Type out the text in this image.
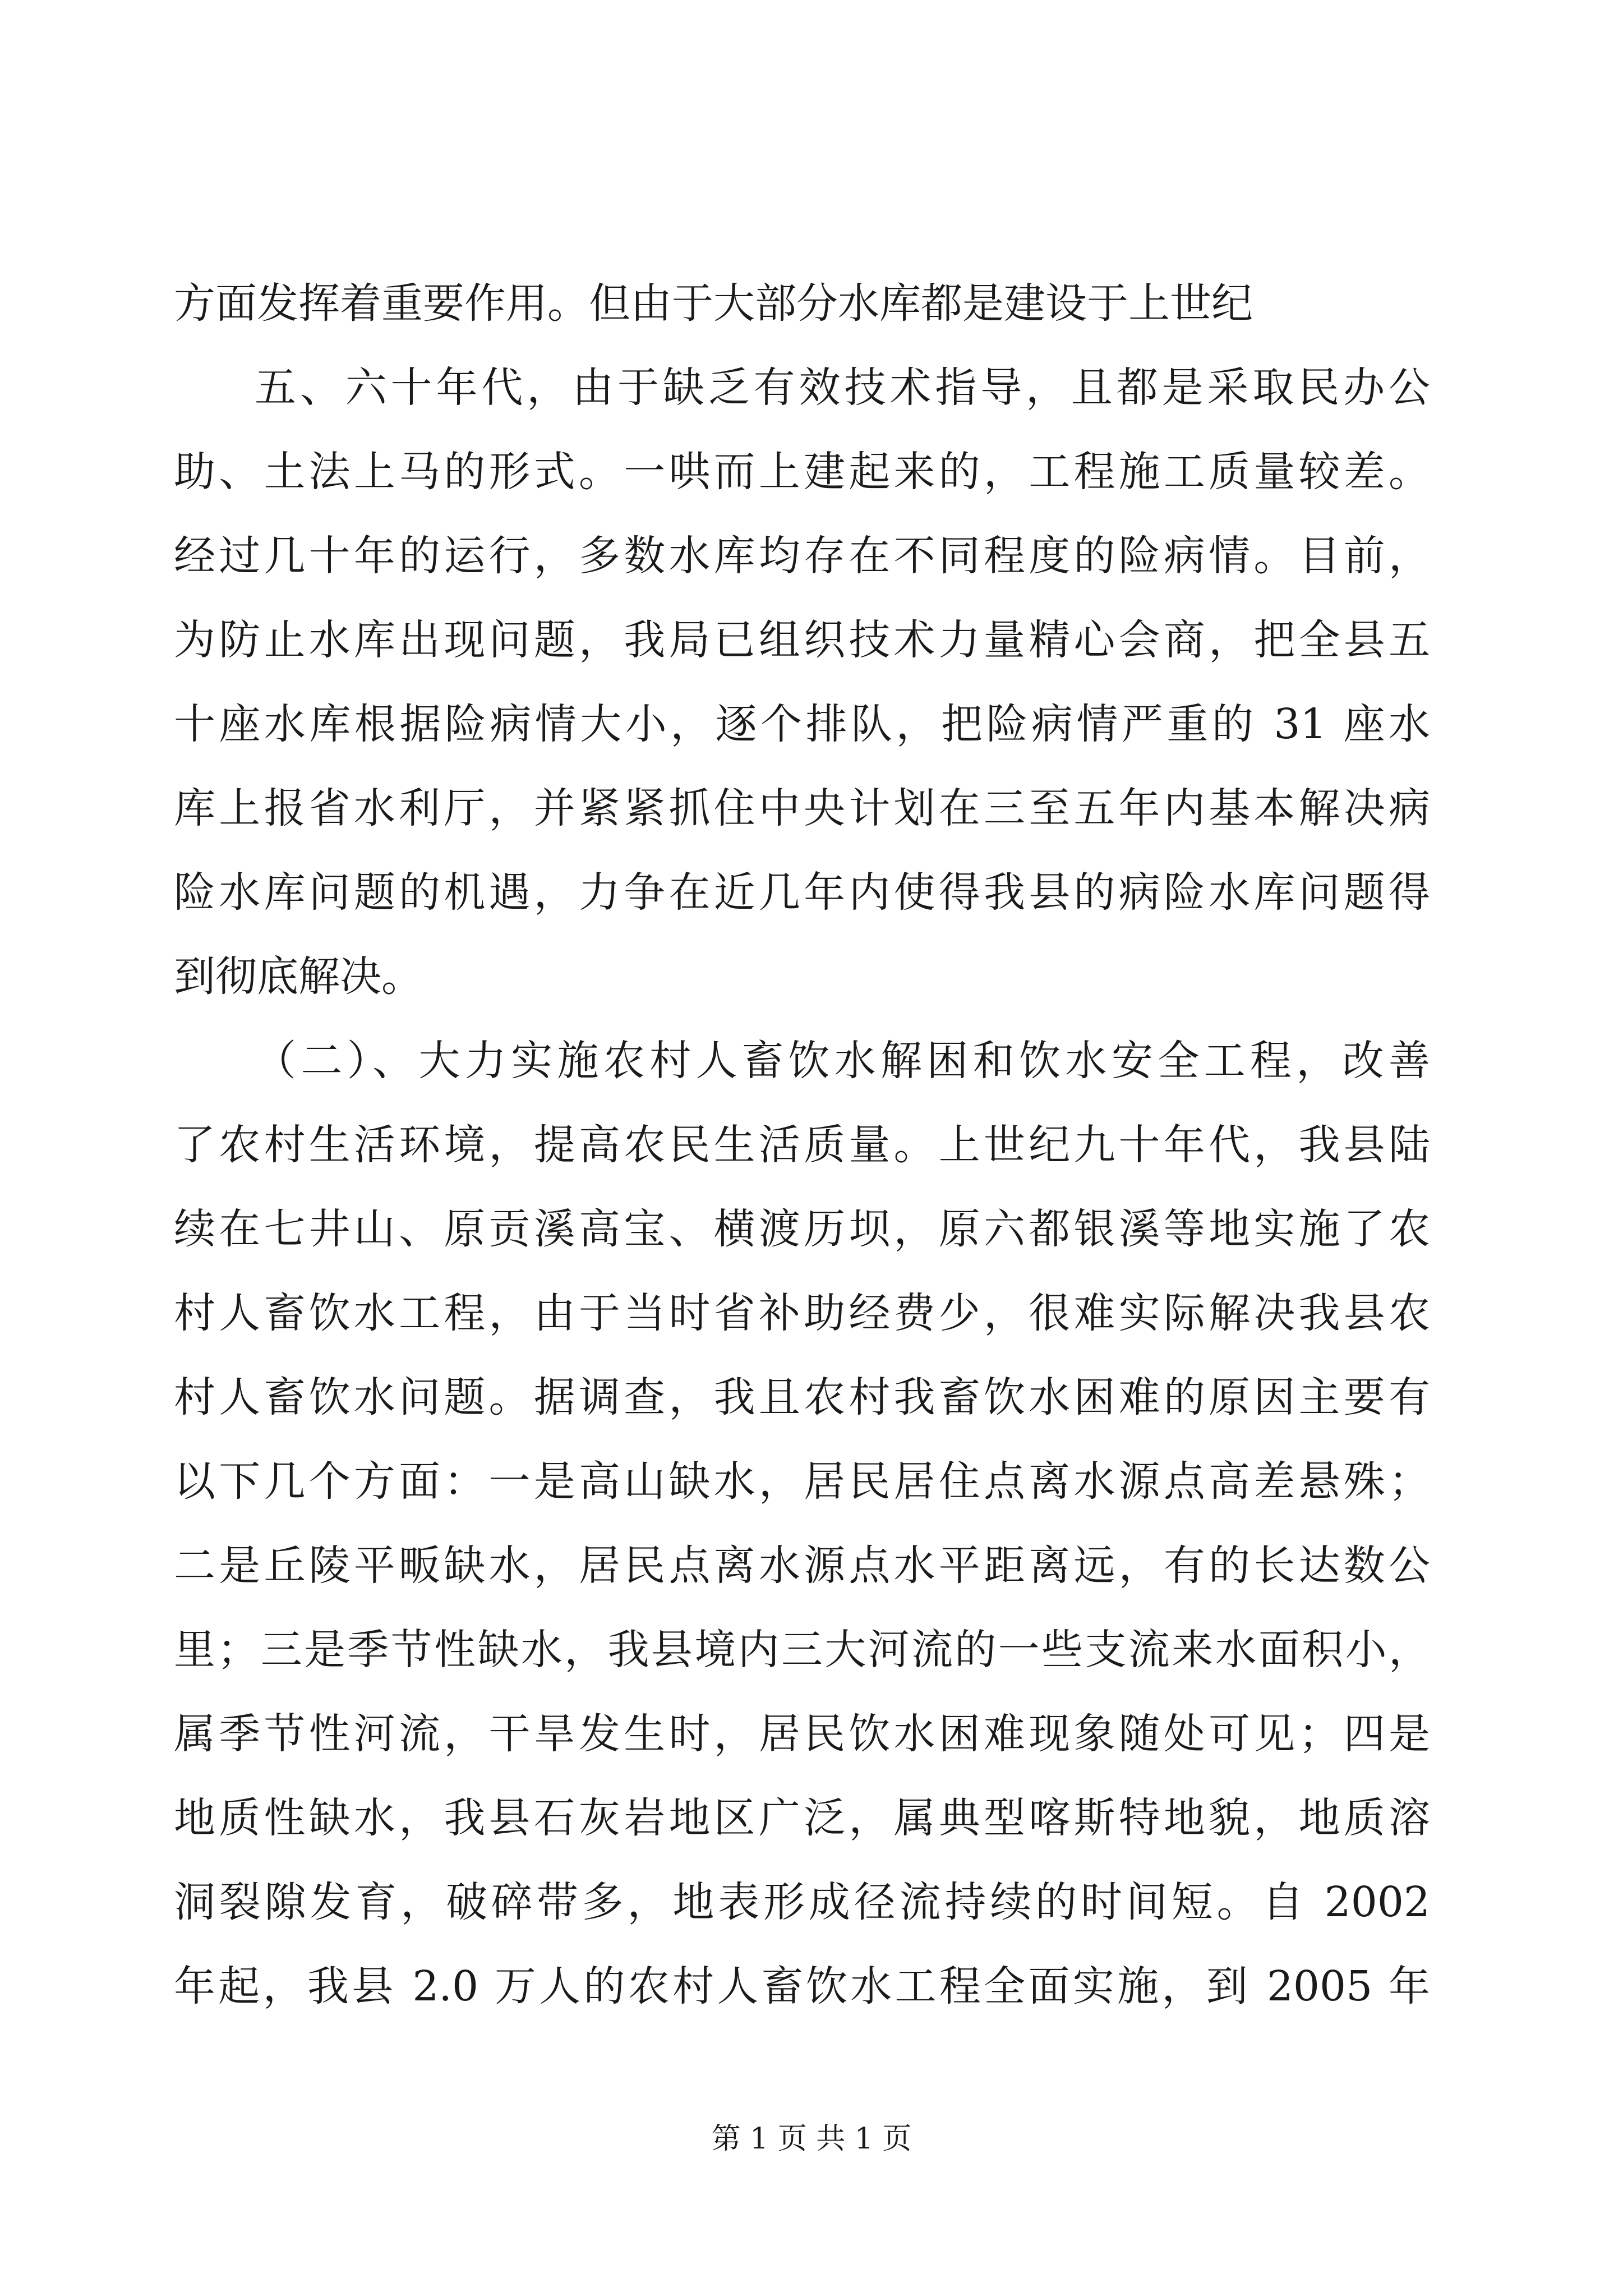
方面发挥着重要作用。但由于大部分水库都是建设于上世纪
五、六十年代，由于缺乏有效技术指导，且都是采取民办公
助、土法上马的形式。一哄而上建起来的，工程施工质量较差。
经过几十年的运行，多数水库均存在不同程度的险病情。目前，
为防止水库出现问题，我局已组织技术力量精心会商，把全县五
十座水库根据险病情大小，逐个排队，把险病情严重的 31 座水
库上报省水利厅，并紧紧抓住中央计划在三至五年内基本解决病
险水库问题的机遇，力争在近几年内使得我县的病险水库问题得
到彻底解决。
（二）、大力实施农村人畜饮水解困和饮水安全工程，改善
了农村生活环境，提高农民生活质量。上世纪九十年代，我县陆
续在七井山、原贡溪高宝、横渡历坝，原六都银溪等地实施了农
村人畜饮水工程，由于当时省补助经费少，很难实际解决我县农
村人畜饮水问题。据调查，我且农村我畜饮水困难的原因主要有
以下几个方面：一是高山缺水，居民居住点离水源点高差悬殊；
二是丘陵平畈缺水，居民点离水源点水平距离远，有的长达数公
里；三是季节性缺水，我县境内三大河流的一些支流来水面积小，
属季节性河流，干旱发生时，居民饮水困难现象随处可见；四是
地质性缺水，我县石灰岩地区广泛，属典型喀斯特地貌，地质溶
洞裂隙发育，破碎带多，地表形成径流持续的时间短。自 2002
年起，我县 2.0 万人的农村人畜饮水工程全面实施，到 2005 年
第 1 页 共 1 页
